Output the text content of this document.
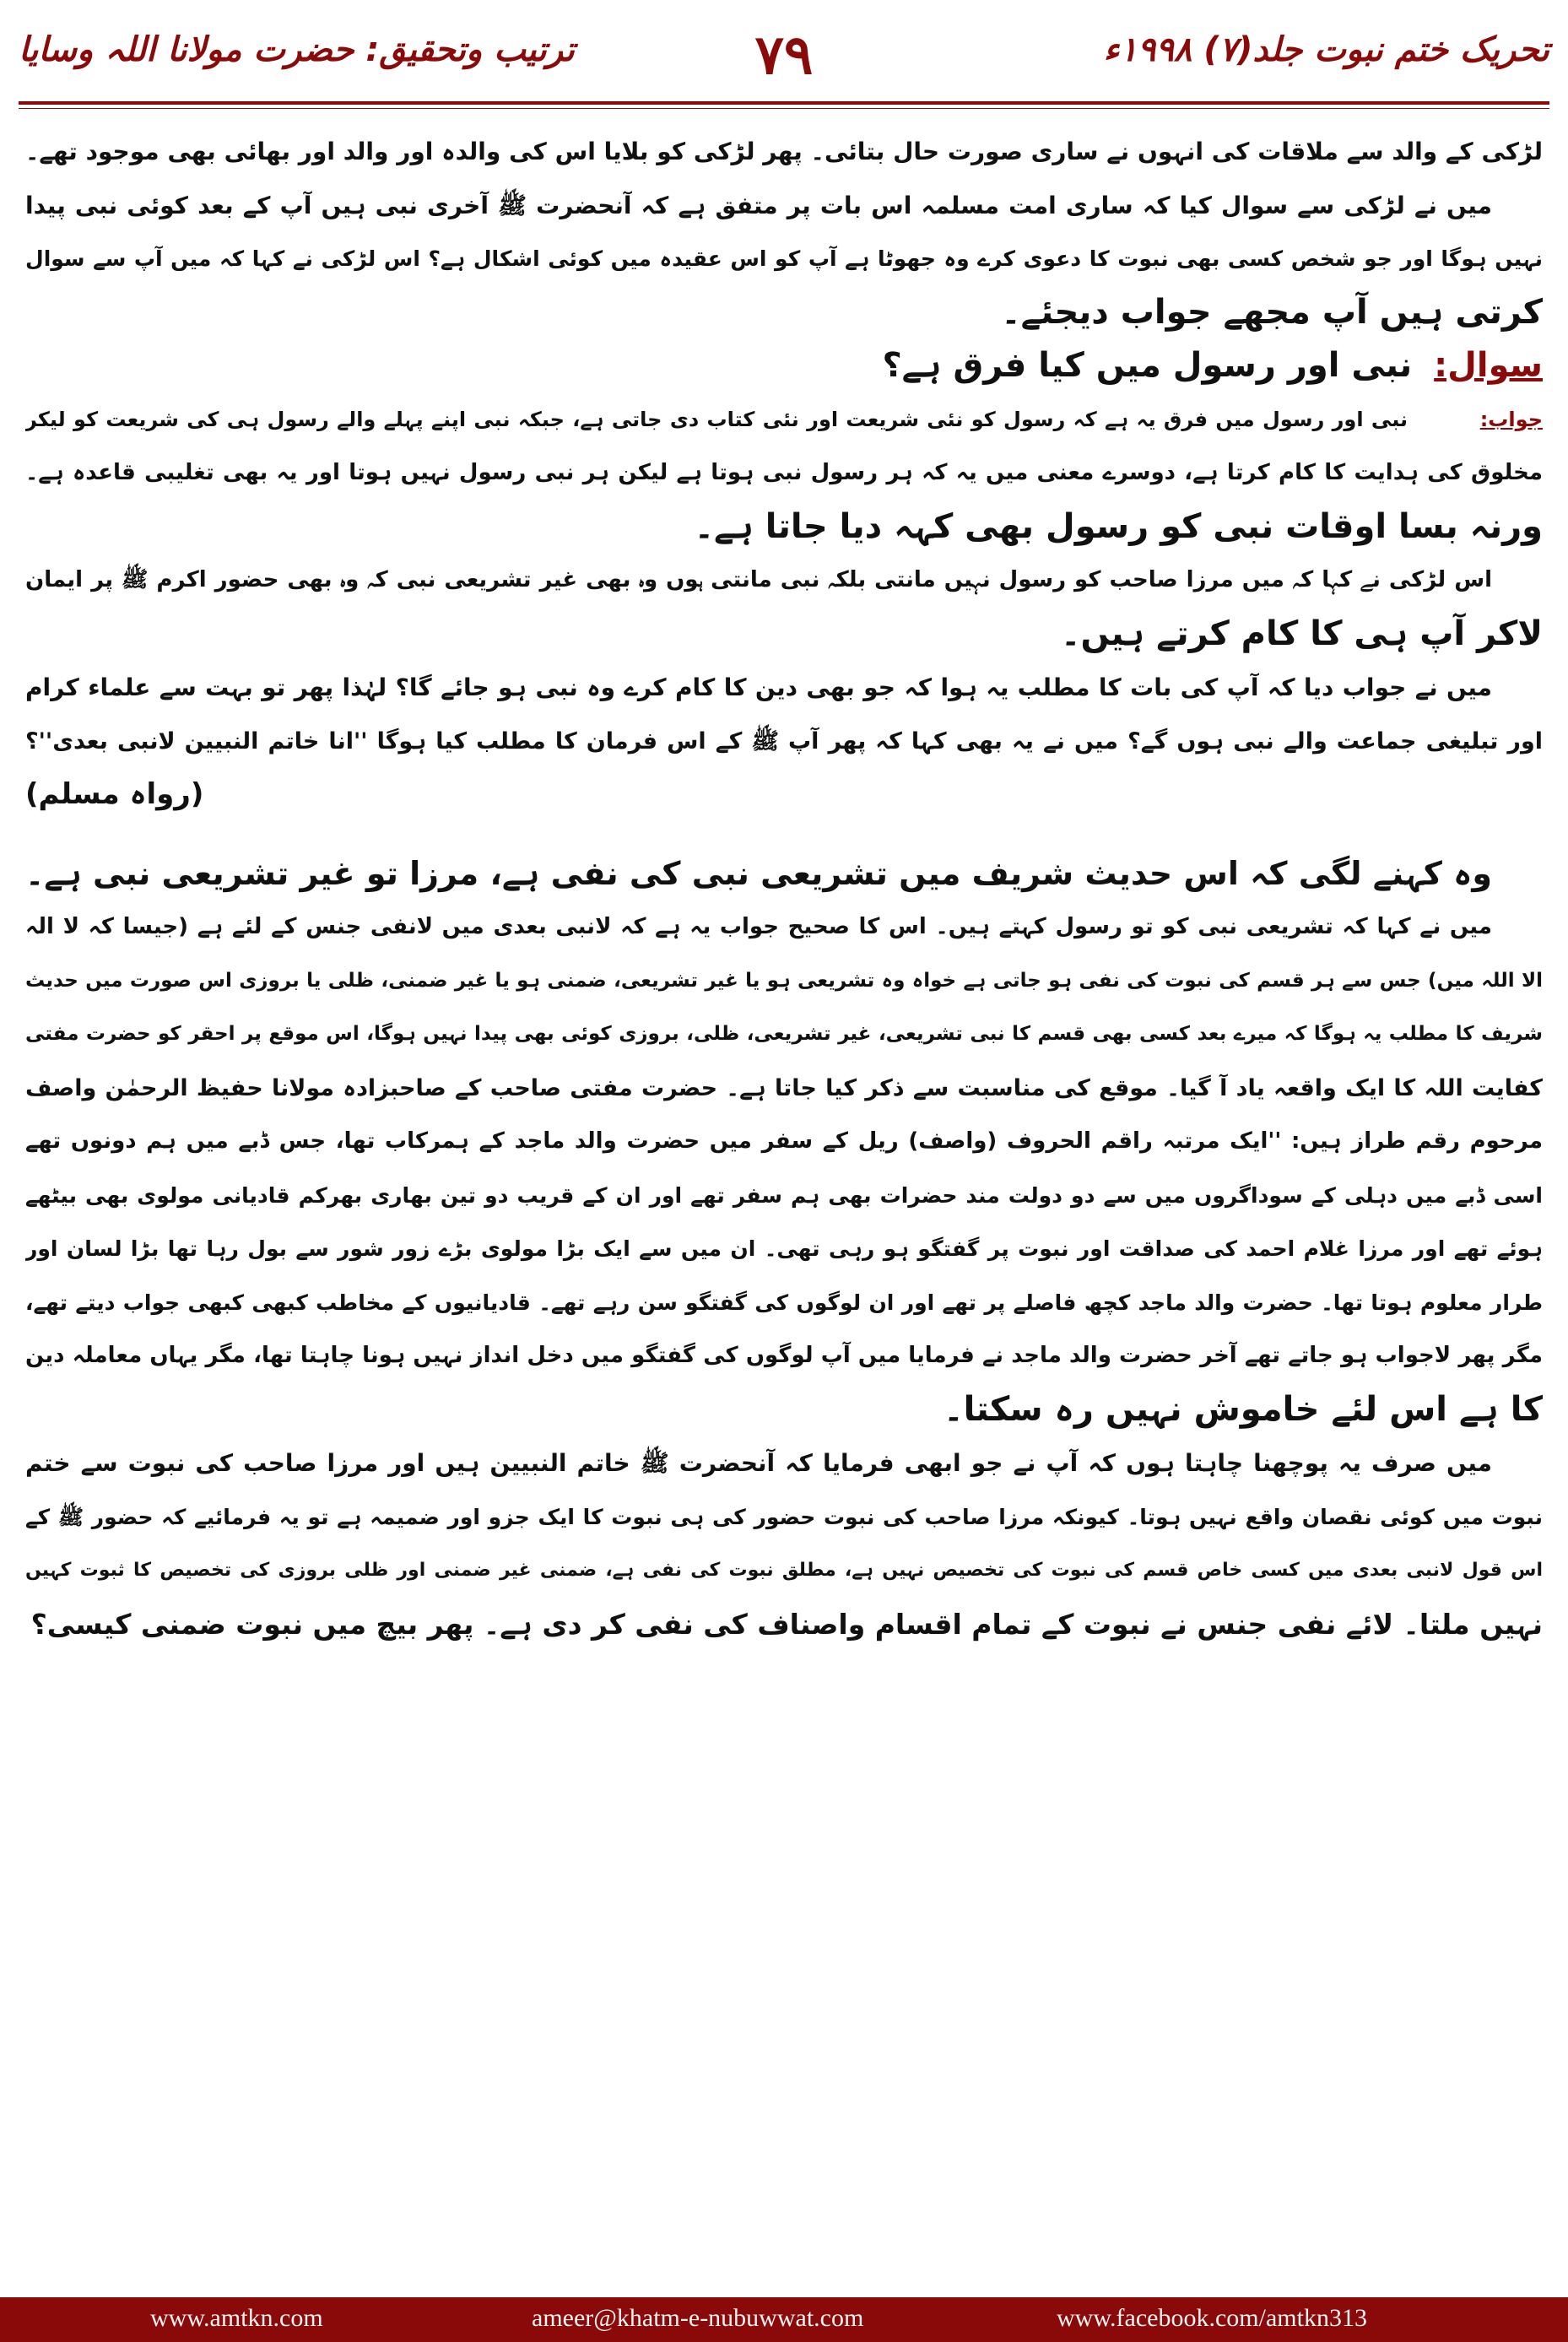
تحریک ختم نبوت جلد(۷) ۱۹۹۸ء
۷۹
ترتیب وتحقیق: حضرت مولانا اللہ وسایا
لڑکی کے والد سے ملاقات کی انہوں نے ساری صورت حال بتائی۔ پھر لڑکی کو بلایا اس کی والدہ اور والد اور بھائی بھی موجود تھے۔
میں نے لڑکی سے سوال کیا کہ ساری امت مسلمہ اس بات پر متفق ہے کہ آنحضرت ﷺ آخری نبی ہیں آپ کے بعد کوئی نبی پیدا
نہیں ہوگا اور جو شخص کسی بھی نبوت کا دعوی کرے وہ جھوٹا ہے آپ کو اس عقیدہ میں کوئی اشکال ہے؟ اس لڑکی نے کہا کہ میں آپ سے سوال
کرتی ہیں آپ مجھے جواب دیجئے۔
سوال:نبی اور رسول میں کیا فرق ہے؟
جواب:
نبی اور رسول میں فرق یہ ہے کہ رسول کو نئی شریعت اور نئی کتاب دی جاتی ہے، جبکہ نبی اپنے پہلے والے رسول ہی کی شریعت کو لیکر
مخلوق کی ہدایت کا کام کرتا ہے، دوسرے معنی میں یہ کہ ہر رسول نبی ہوتا ہے لیکن ہر نبی رسول نہیں ہوتا اور یہ بھی تغلیبی قاعدہ ہے۔
ورنہ بسا اوقات نبی کو رسول بھی کہہ دیا جاتا ہے۔
اس لڑکی نے کہا کہ میں مرزا صاحب کو رسول نہیں مانتی بلکہ نبی مانتی ہوں وہ بھی غیر تشریعی نبی کہ وہ بھی حضور اکرم ﷺ پر ایمان
لاکر آپ ہی کا کام کرتے ہیں۔
میں نے جواب دیا کہ آپ کی بات کا مطلب یہ ہوا کہ جو بھی دین کا کام کرے وہ نبی ہو جائے گا؟ لہٰذا پھر تو بہت سے علماء کرام
اور تبلیغی جماعت والے نبی ہوں گے؟ میں نے یہ بھی کہا کہ پھر آپ ﷺ کے اس فرمان کا مطلب کیا ہوگا ''انا خاتم النبیین لانبی بعدی''؟
(رواہ مسلم)
وہ کہنے لگی کہ اس حدیث شریف میں تشریعی نبی کی نفی ہے، مرزا تو غیر تشریعی نبی ہے۔
میں نے کہا کہ تشریعی نبی کو تو رسول کہتے ہیں۔ اس کا صحیح جواب یہ ہے کہ لانبی بعدی میں لانفی جنس کے لئے ہے (جیسا کہ لا الہ
الا اللہ میں) جس سے ہر قسم کی نبوت کی نفی ہو جاتی ہے خواہ وہ تشریعی ہو یا غیر تشریعی، ضمنی ہو یا غیر ضمنی، ظلی یا بروزی اس صورت میں حدیث
شریف کا مطلب یہ ہوگا کہ میرے بعد کسی بھی قسم کا نبی تشریعی، غیر تشریعی، ظلی، بروزی کوئی بھی پیدا نہیں ہوگا، اس موقع پر احقر کو حضرت مفتی
کفایت اللہ کا ایک واقعہ یاد آ گیا۔ موقع کی مناسبت سے ذکر کیا جاتا ہے۔ حضرت مفتی صاحب کے صاحبزادہ مولانا حفیظ الرحمٰن واصف
مرحوم رقم طراز ہیں: ''ایک مرتبہ راقم الحروف (واصف) ریل کے سفر میں حضرت والد ماجد کے ہمرکاب تھا، جس ڈبے میں ہم دونوں تھے
اسی ڈبے میں دہلی کے سوداگروں میں سے دو دولت مند حضرات بھی ہم سفر تھے اور ان کے قریب دو تین بھاری بھرکم قادیانی مولوی بھی بیٹھے
ہوئے تھے اور مرزا غلام احمد کی صداقت اور نبوت پر گفتگو ہو رہی تھی۔ ان میں سے ایک بڑا مولوی بڑے زور شور سے بول رہا تھا بڑا لسان اور
طرار معلوم ہوتا تھا۔ حضرت والد ماجد کچھ فاصلے پر تھے اور ان لوگوں کی گفتگو سن رہے تھے۔ قادیانیوں کے مخاطب کبھی کبھی جواب دیتے تھے،
مگر پھر لاجواب ہو جاتے تھے آخر حضرت والد ماجد نے فرمایا میں آپ لوگوں کی گفتگو میں دخل انداز نہیں ہونا چاہتا تھا، مگر یہاں معاملہ دین
کا ہے اس لئے خاموش نہیں رہ سکتا۔
میں صرف یہ پوچھنا چاہتا ہوں کہ آپ نے جو ابھی فرمایا کہ آنحضرت ﷺ خاتم النبیین ہیں اور مرزا صاحب کی نبوت سے ختم
نبوت میں کوئی نقصان واقع نہیں ہوتا۔ کیونکہ مرزا صاحب کی نبوت حضور کی ہی نبوت کا ایک جزو اور ضمیمہ ہے تو یہ فرمائیے کہ حضور ﷺ کے
اس قول لانبی بعدی میں کسی خاص قسم کی نبوت کی تخصیص نہیں ہے، مطلق نبوت کی نفی ہے، ضمنی غیر ضمنی اور ظلی بروزی کی تخصیص کا ثبوت کہیں
نہیں ملتا۔ لائے نفی جنس نے نبوت کے تمام اقسام واصناف کی نفی کر دی ہے۔ پھر بیچ میں نبوت ضمنی کیسی؟
www.amtkn.com	ameer@khatm-e-nubuwwat.com	www.facebook.com/amtkn313
